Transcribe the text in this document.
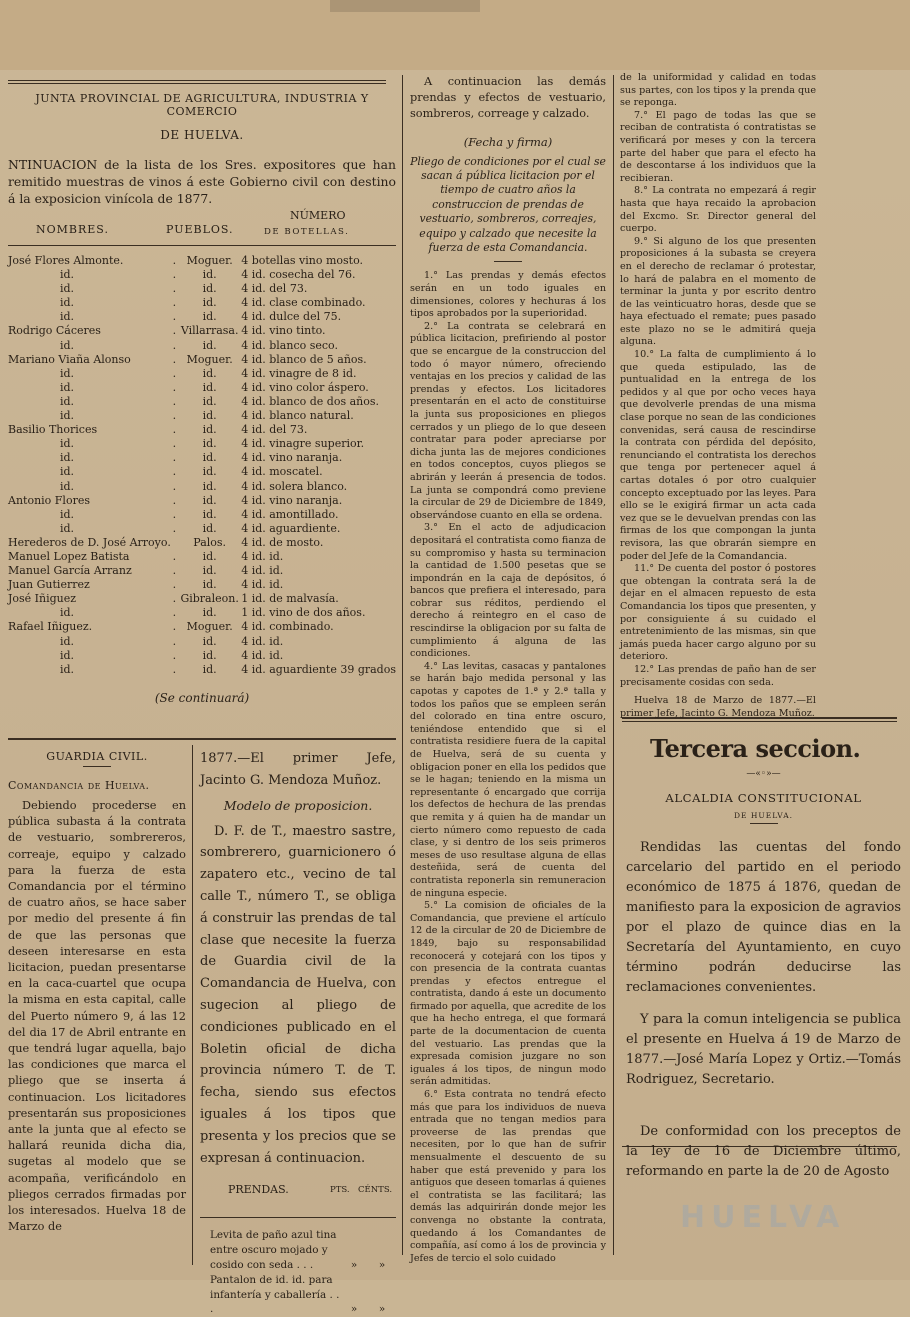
JUNTA PROVINCIAL DE AGRICULTURA, INDUSTRIA Y COMERCIO
DE HUELVA.

NTINUACION de la lista de los Sres. expositores que han remitido muestras de vinos á este Gobierno civil con destino á la exposicion vinícola de 1877.

NOMBRES.	PUEBLOS.
NÚMERO
DE BOTELLAS.
José Flores Almonte.	.	Moguer.	4 botellas vino mosto.
id.	.	id.	4 id. cosecha del 76.
id.	.	id.	4 id. del 73.
id.	.	id.	4 id. clase combinado.
id.	.	id.	4 id. dulce del 75.
Rodrigo Cáceres	.	Villarrasa.	4 id. vino tinto.
id.	.	id.	4 id. blanco seco.
Mariano Viaña Alonso	.	Moguer.	4 id. blanco de 5 años.
id.	.	id.	4 id. vinagre de 8 id.
id.	.	id.	4 id. vino color áspero.
id.	.	id.	4 id. blanco de dos años.
id.	.	id.	4 id. blanco natural.
Basilio Thorices	.	id.	4 id. del 73.
id.	.	id.	4 id. vinagre superior.
id.	.	id.	4 id. vino naranja.
id.	.	id.	4 id. moscatel.
id.	.	id.	4 id. solera blanco.
Antonio Flores	.	id.	4 id. vino naranja.
id.	.	id.	4 id. amontillado.
id.	.	id.	4 id. aguardiente.
Herederos de D. José Arroyo.		Palos.	4 id. de mosto.
Manuel Lopez Batista	.	id.	4 id. id.
Manuel García Arranz	.	id.	4 id. id.
Juan Gutierrez	.	id.	4 id. id.
José Iñiguez	.	Gibraleon.	1 id. de malvasía.
id.	.	id.	1 id. vino de dos años.
Rafael Iñiguez.	.	Moguer.	4 id. combinado.
id.	.	id.	4 id. id.
id.	.	id.	4 id. id.
id.	.	id.	4 id. aguardiente 39 grados
(Se continuará)
GUARDIA CIVIL.
Comandancia de Huelva.

Debiendo procederse en pública subasta á la contrata de vestuario, sombrereros, correaje, equipo y calzado para la fuerza de esta Comandancia por el término de cuatro años, se hace saber por medio del presente á fin de que las personas que deseen interesarse en esta licitacion, puedan presentarse en la caca-cuartel que ocupa la misma en esta capital, calle del Puerto número 9, á las 12 del dia 17 de Abril entrante en que tendrá lugar aquella, bajo las condiciones que marca el pliego que se inserta á continuacion. Los licitadores presentarán sus proposiciones ante la junta que al efecto se hallará reunida dicha dia, sugetas al modelo que se acompaña, verificándolo en pliegos cerrados firmadas por los interesados. Huelva 18 de Marzo de

1877.—El primer Jefe, Jacinto G. Mendoza Muñoz.

Modelo de proposicion.

D. F. de T., maestro sastre, sombrerero, guarnicionero ó zapatero etc., vecino de tal calle T., número T., se obliga á construir las prendas de tal clase que necesite la fuerza de Guardia civil de la Comandancia de Huelva, con sugecion al pliego de condiciones publicado en el Boletin oficial de dicha provincia número T. de T. fecha, siendo sus efectos iguales á los tipos que presenta y los precios que se expresan á continuacion.

PRENDAS.	PTS. CÉNTS.
Levita de paño azul tina entre oscuro mojado y cosido con seda . . .	»	»
Pantalon de id. id. para infantería y caballería . . .	»	»

A continuacion las demás prendas y efectos de vestuario, sombreros, correage y calzado.

(Fecha y firma)

Pliego de condiciones por el cual se sacan á pública licitacion por el tiempo de cuatro años la construccion de prendas de vestuario, sombreros, correajes, equipo y calzado que necesite la fuerza de esta Comandancia.

1.° Las prendas y demás efectos serán en un todo iguales en dimensiones, colores y hechuras á los tipos aprobados por la superioridad.

2.° La contrata se celebrará en pública licitacion, prefiriendo al postor que se encargue de la construccion del todo ó mayor número, ofreciendo ventajas en los precios y calidad de las prendas y efectos. Los licitadores presentarán en el acto de constituirse la junta sus proposiciones en pliegos cerrados y un pliego de lo que deseen contratar para poder apreciarse por dicha junta las de mejores condiciones en todos conceptos, cuyos pliegos se abrirán y leerán á presencia de todos. La junta se compondrá como previene la circular de 29 de Diciembre de 1849, observándose cuanto en ella se ordena.

3.° En el acto de adjudicacion depositará el contratista como fianza de su compromiso y hasta su terminacion la cantidad de 1.500 pesetas que se impondrán en la caja de depósitos, ó bancos que prefiera el interesado, para cobrar sus réditos, perdiendo el derecho á reintegro en el caso de rescindirse la obligacion por su falta de cumplimiento á alguna de las condiciones.

4.° Las levitas, casacas y pantalones se harán bajo medida personal y las capotas y capotes de 1.ª y 2.ª talla y todos los paños que se empleen serán del colorado en tina entre oscuro, teniéndose entendido que si el contratista residiere fuera de la capital de Huelva, será de su cuenta y obligacion poner en ella los pedidos que se le hagan; teniendo en la misma un representante ó encargado que corrija los defectos de hechura de las prendas que remita y á quien ha de mandar un cierto número como repuesto de cada clase, y si dentro de los seis primeros meses de uso resultase alguna de ellas desteñida, será de cuenta del contratista reponerla sin remuneracion de ninguna especie.

5.° La comision de oficiales de la Comandancia, que previene el artículo 12 de la circular de 20 de Diciembre de 1849, bajo su responsabilidad reconocerá y cotejará con los tipos y con presencia de la contrata cuantas prendas y efectos entregue el contratista, dando á este un documento firmado por aquella, que acredite de los que ha hecho entrega, el que formará parte de la documentacion de cuenta del vestuario. Las prendas que la expresada comision juzgare no son iguales á los tipos, de ningun modo serán admitidas.

6.° Esta contrata no tendrá efecto más que para los individuos de nueva entrada que no tengan medios para proveerse de las prendas que necesiten, por lo que han de sufrir mensualmente el descuento de su haber que está prevenido y para los antiguos que deseen tomarlas á quienes el contratista se las facilitará; las demás las adquirirán donde mejor les convenga no obstante la contrata, quedando á los Comandantes de compañía, así como á los de provincia y Jefes de tercio el solo cuidado

de la uniformidad y calidad en todas sus partes, con los tipos y la prenda que se reponga.

7.° El pago de todas las que se reciban de contratista ó contratistas se verificará por meses y con la tercera parte del haber que para el efecto ha de descontarse á los individuos que la recibieran.

8.° La contrata no empezará á regir hasta que haya recaido la aprobacion del Excmo. Sr. Director general del cuerpo.

9.° Si alguno de los que presenten proposiciones á la subasta se creyera en el derecho de reclamar ó protestar, lo hará de palabra en el momento de terminar la junta y por escrito dentro de las veinticuatro horas, desde que se haya efectuado el remate; pues pasado este plazo no se le admitirá queja alguna.

10.° La falta de cumplimiento á lo que queda estipulado, las de puntualidad en la entrega de los pedidos y al que por ocho veces haya que devolverle prendas de una misma clase porque no sean de las condiciones convenidas, será causa de rescindirse la contrata con pérdida del depósito, renunciando el contratista los derechos que tenga por pertenecer aquel á cartas dotales ó por otro cualquier concepto exceptuado por las leyes. Para ello se le exigirá firmar un acta cada vez que se le devuelvan prendas con las firmas de los que compongan la junta revisora, las que obrarán siempre en poder del Jefe de la Comandancia.

11.° De cuenta del postor ó postores que obtengan la contrata será la de dejar en el almacen repuesto de esta Comandancia los tipos que presenten, y por consiguiente á su cuidado el entretenimiento de las mismas, sin que jamás pueda hacer cargo alguno por su deterioro.

12.° Las prendas de paño han de ser precisamente cosidas con seda.

Huelva 18 de Marzo de 1877.—El primer Jefe, Jacinto G. Mendoza Muñoz.

Tercera seccion.
—«◦»—
ALCALDIA CONSTITUCIONAL
DE HUELVA.

Rendidas las cuentas del fondo carcelario del partido en el periodo económico de 1875 á 1876, quedan de manifiesto para la exposicion de agravios por el plazo de quince dias en la Secretaría del Ayuntamiento, en cuyo término podrán deducirse las reclamaciones convenientes.

Y para la comun inteligencia se publica el presente en Huelva á 19 de Marzo de 1877.—José María Lopez y Ortiz.—Tomás Rodriguez, Secretario.

De conformidad con los preceptos de la ley de 16 de Diciembre último, reformando en parte la de 20 de Agosto

HUELVA
